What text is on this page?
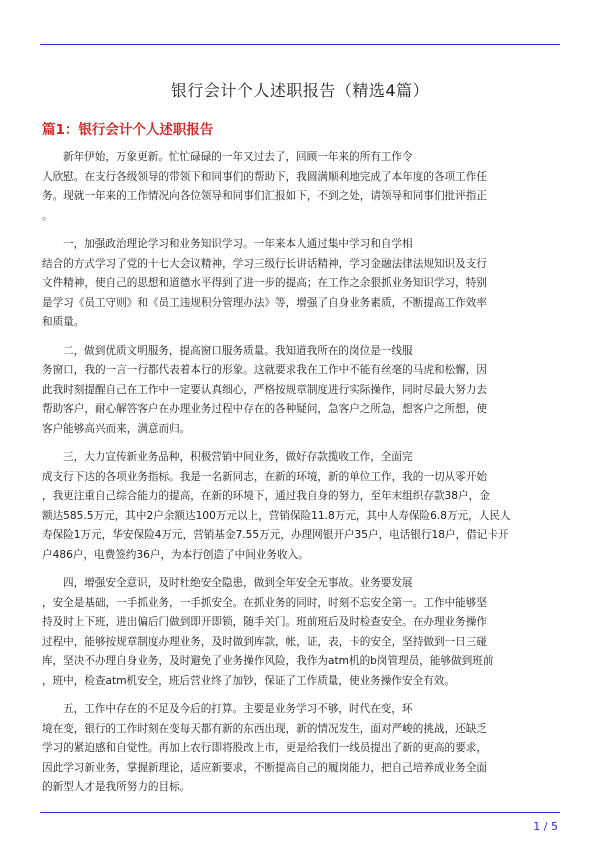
银行会计个人述职报告（精选4篇）
篇1：银行会计个人述职报告

新年伊始，万象更新。忙忙碌碌的一年又过去了，回顾一年来的所有工作令
人欣慰。在支行各级领导的带领下和同事们的帮助下，我圆满顺利地完成了本年度的各项工作任
务。现就一年来的工作情况向各位领导和同事们汇报如下，不到之处，请领导和同事们批评指正
。

一，加强政治理论学习和业务知识学习。一年来本人通过集中学习和自学相
结合的方式学习了党的十七大会议精神，学习三级行长讲话精神，学习金融法律法规知识及支行
文件精神，使自己的思想和道德水平得到了进一步的提高；在工作之余狠抓业务知识学习，特别
是学习《员工守则》和《员工违规积分管理办法》等，增强了自身业务素质，不断提高工作效率
和质量。

二，做到优质文明服务，提高窗口服务质量。我知道我所在的岗位是一线服
务窗口，我的一言一行都代表着本行的形象。这就要求我在工作中不能有丝毫的马虎和松懈，因
此我时刻提醒自己在工作中一定要认真细心，严格按规章制度进行实际操作，同时尽最大努力去
帮助客户，耐心解答客户在办理业务过程中存在的各种疑问，急客户之所急，想客户之所想，使
客户能够高兴而来，满意而归。

三，大力宣传新业务品种，积极营销中间业务，做好存款揽收工作，全面完
成支行下达的各项业务指标。我是一名新同志，在新的环境，新的单位工作，我的一切从零开始
，我更注重自己综合能力的提高，在新的环境下，通过我自身的努力，至年末组织存款38户，金
额达585.5万元，其中2户余额达100万元以上，营销保险11.8万元，其中人寿保险6.8万元，人民人
寿保险1万元，华安保险4万元，营销基金7.55万元，办理网银开户35户，电话银行18户，借记卡开
户486户，电费签约36户，为本行创造了中间业务收入。

四，增强安全意识，及时杜绝安全隐患，做到全年安全无事故。业务要发展
，安全是基础，一手抓业务，一手抓安全。在抓业务的同时，时刻不忘安全第一。工作中能够坚
持及时上下班，进出偏后门做到即开即锁，随手关门。班前班后及时检查安全。在办理业务操作
过程中，能够按规章制度办理业务，及时做到库款，帐，证，表，卡的安全，坚持做到一日三碰
库，坚决不办理自身业务，及时避免了业务操作风险，我作为atm机的b岗管理员，能够做到班前
，班中，检查atm机安全，班后营业终了加钞，保证了工作质量，使业务操作安全有效。

五，工作中存在的不足及今后的打算。主要是业务学习不够，时代在变，环
境在变，银行的工作时刻在变每天都有新的东西出现，新的情况发生，面对严峻的挑战，还缺乏
学习的紧迫感和自觉性。再加上农行即将股改上市，更是给我们一线员提出了新的更高的要求，
因此学习新业务，掌握新理论，适应新要求，不断提高自己的履岗能力，把自己培养成业务全面
的新型人才是我所努力的目标。

1 / 5
